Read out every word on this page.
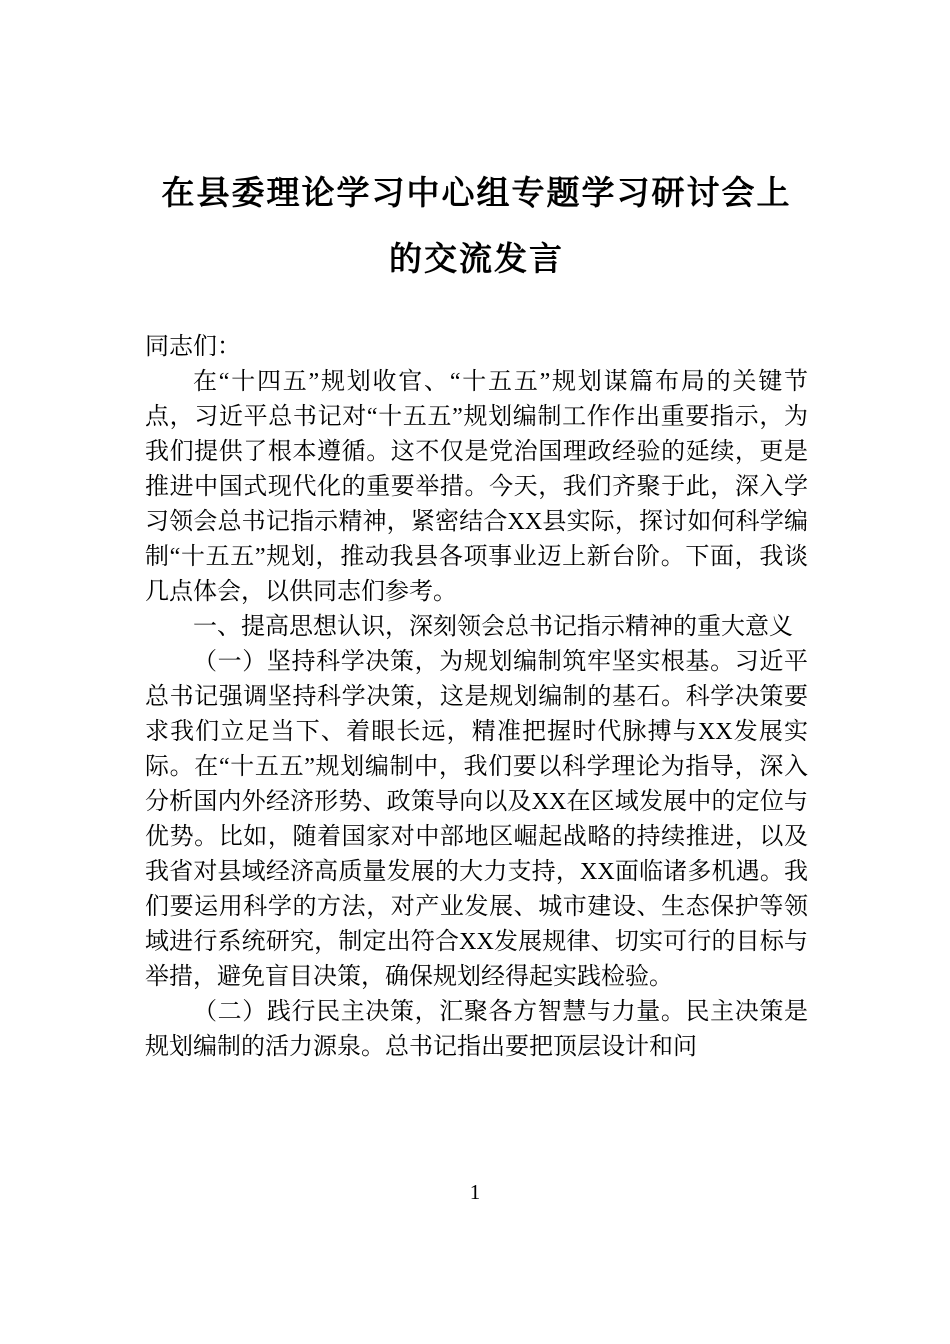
在县委理论学习中心组专题学习研讨会上
的交流发言

同志们：

在“十四五”规划收官、“十五五”规划谋篇布局的关键节点，习近平总书记对“十五五”规划编制工作作出重要指示，为我们提供了根本遵循。这不仅是党治国理政经验的延续，更是推进中国式现代化的重要举措。今天，我们齐聚于此，深入学习领会总书记指示精神，紧密结合XX县实际，探讨如何科学编制“十五五”规划，推动我县各项事业迈上新台阶。下面，我谈几点体会，以供同志们参考。

一、提高思想认识，深刻领会总书记指示精神的重大意义

（一）坚持科学决策，为规划编制筑牢坚实根基。习近平总书记强调坚持科学决策，这是规划编制的基石。科学决策要求我们立足当下、着眼长远，精准把握时代脉搏与XX发展实际。在“十五五”规划编制中，我们要以科学理论为指导，深入分析国内外经济形势、政策导向以及XX在区域发展中的定位与优势。比如，随着国家对中部地区崛起战略的持续推进，以及我省对县域经济高质量发展的大力支持，XX面临诸多机遇。我们要运用科学的方法，对产业发展、城市建设、生态保护等领域进行系统研究，制定出符合XX发展规律、切实可行的目标与举措，避免盲目决策，确保规划经得起实践检验。

（二）践行民主决策，汇聚各方智慧与力量。民主决策是规划编制的活力源泉。总书记指出要把顶层设计和问

1
